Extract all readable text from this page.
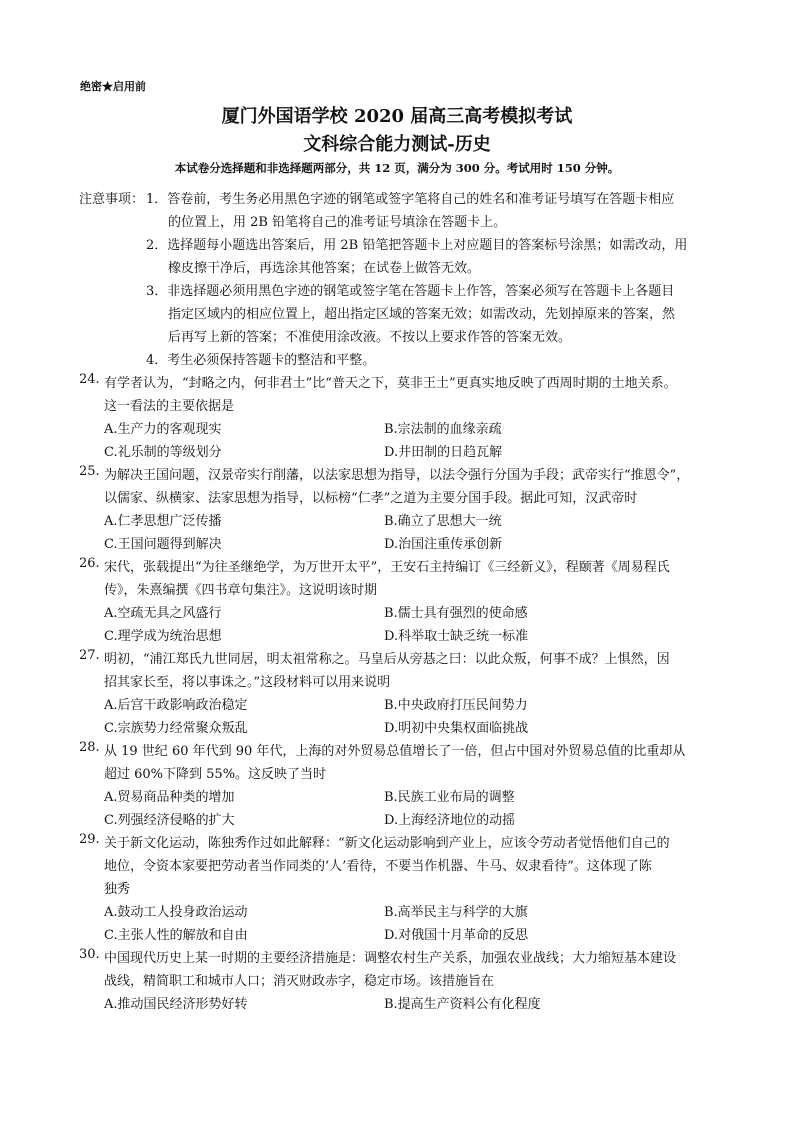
绝密★启用前
厦门外国语学校 2020 届高三高考模拟考试
文科综合能力测试-历史
本试卷分选择题和非选择题两部分，共 12 页，满分为 300 分。考试用时 150 分钟。
注意事项： 1．答卷前，考生务必用黑色字迹的钢笔或签字笔将自己的姓名和准考证号填写在答题卡相应
的位置上，用 2B 铅笔将自己的准考证号填涂在答题卡上。
2．选择题每小题选出答案后，用 2B 铅笔把答题卡上对应题目的答案标号涂黑；如需改动，用
橡皮擦干净后，再选涂其他答案；在试卷上做答无效。
3．非选择题必须用黑色字迹的钢笔或签字笔在答题卡上作答，答案必须写在答题卡上各题目
指定区域内的相应位置上，超出指定区域的答案无效；如需改动，先划掉原来的答案，然
后再写上新的答案；不准使用涂改液。不按以上要求作答的答案无效。
4．考生必须保持答题卡的整洁和平整。
24. 有学者认为，“封略之内，何非君土”比“普天之下，莫非王土”更真实地反映了西周时期的土地关系。
这一看法的主要依据是
A.生产力的客观现实	B.宗法制的血缘亲疏
C.礼乐制的等级划分	D.井田制的日趋瓦解
25. 为解决王国问题，汉景帝实行削藩，以法家思想为指导，以法令强行分国为手段；武帝实行“推恩令”，
以儒家、纵横家、法家思想为指导，以标榜“仁孝”之道为主要分国手段。据此可知，汉武帝时
A.仁孝思想广泛传播	B.确立了思想大一统
C.王国问题得到解决	D.治国注重传承创新
26. 宋代，张载提出“为往圣继绝学，为万世开太平”，王安石主持编订《三经新义》，程颐著《周易程氏
传》，朱熹编撰《四书章句集注》。这说明该时期
A.空疏无具之风盛行	B.儒士具有强烈的使命感
C.理学成为统治思想	D.科举取士缺乏统一标准
27. 明初，“浦江郑氏九世同居，明太祖常称之。马皇后从旁惎之曰：以此众叛，何事不成？上惧然，因
招其家长至，将以事诛之。”这段材料可以用来说明
A.后宫干政影响政治稳定	B.中央政府打压民间势力
C.宗族势力经常聚众叛乱	D.明初中央集权面临挑战
28. 从 19 世纪 60 年代到 90 年代，上海的对外贸易总值增长了一倍，但占中国对外贸易总值的比重却从
超过 60%下降到 55%。这反映了当时
A.贸易商品种类的增加	B.民族工业布局的调整
C.列强经济侵略的扩大	D.上海经济地位的动摇
29. 关于新文化运动，陈独秀作过如此解释：“新文化运动影响到产业上，应该令劳动者觉悟他们自己的
地位，令资本家要把劳动者当作同类的‘人’看待，不要当作机器、牛马、奴隶看待”。这体现了陈
独秀
A.鼓动工人投身政治运动	B.高举民主与科学的大旗
C.主张人性的解放和自由	D.对俄国十月革命的反思
30. 中国现代历史上某一时期的主要经济措施是：调整农村生产关系，加强农业战线；大力缩短基本建设
战线，精简职工和城市人口；消灭财政赤字，稳定市场。该措施旨在
A.推动国民经济形势好转	B.提高生产资料公有化程度
